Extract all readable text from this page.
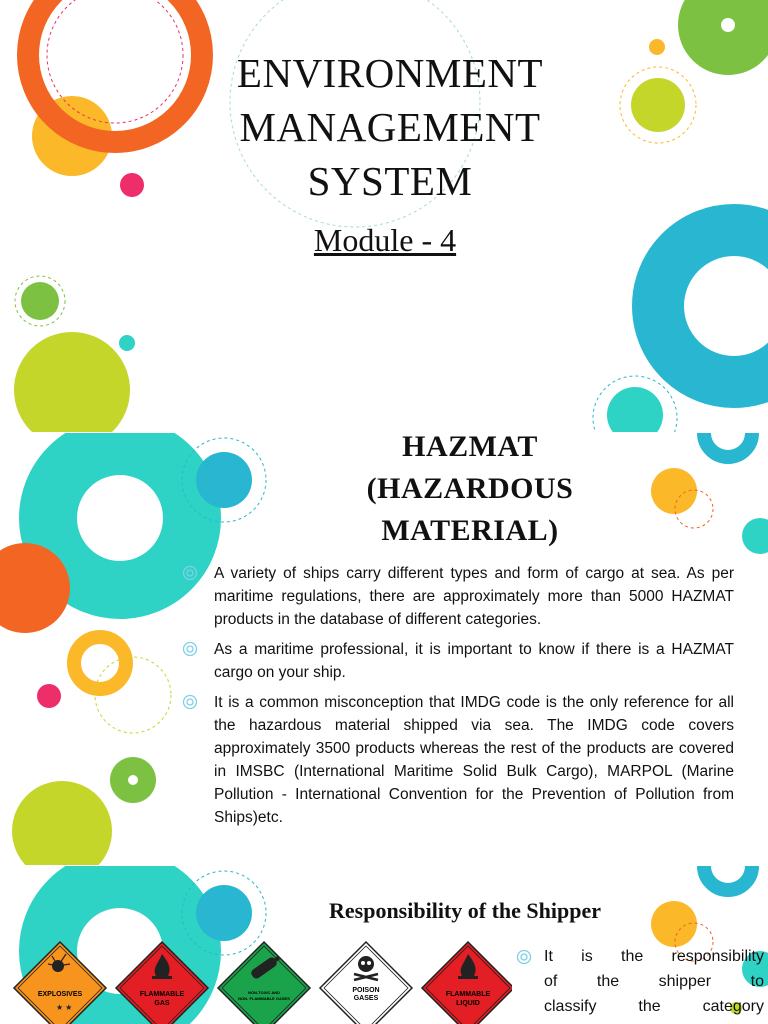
ENVIRONMENT
MANAGEMENT
SYSTEM
Module - 4
HAZMAT
(HAZARDOUS
MATERIAL)
A variety of ships carry different types and form of cargo at sea. As per maritime regulations, there are approximately more than 5000 HAZMAT products in the database of different categories.
As a maritime professional, it is important to know if there is a HAZMAT cargo on your ship.
It is a common misconception that IMDG code is the only reference for all the hazardous material shipped via sea. The IMDG code covers approximately 3500 products whereas the rest of the products are covered in IMSBC (International Maritime Solid Bulk Cargo), MARPOL (Marine Pollution - International Convention for the Prevention of Pollution from Ships)etc.
Responsibility of the Shipper
EXPLOSIVES
★ ★
FLAMMABLE
GAS
NON-TOXIC AND
NON- FLAMMABLE GASES
POISON
GASES
FLAMMABLE
LIQUID

It is the responsibility

of the shipper to

classify the category
